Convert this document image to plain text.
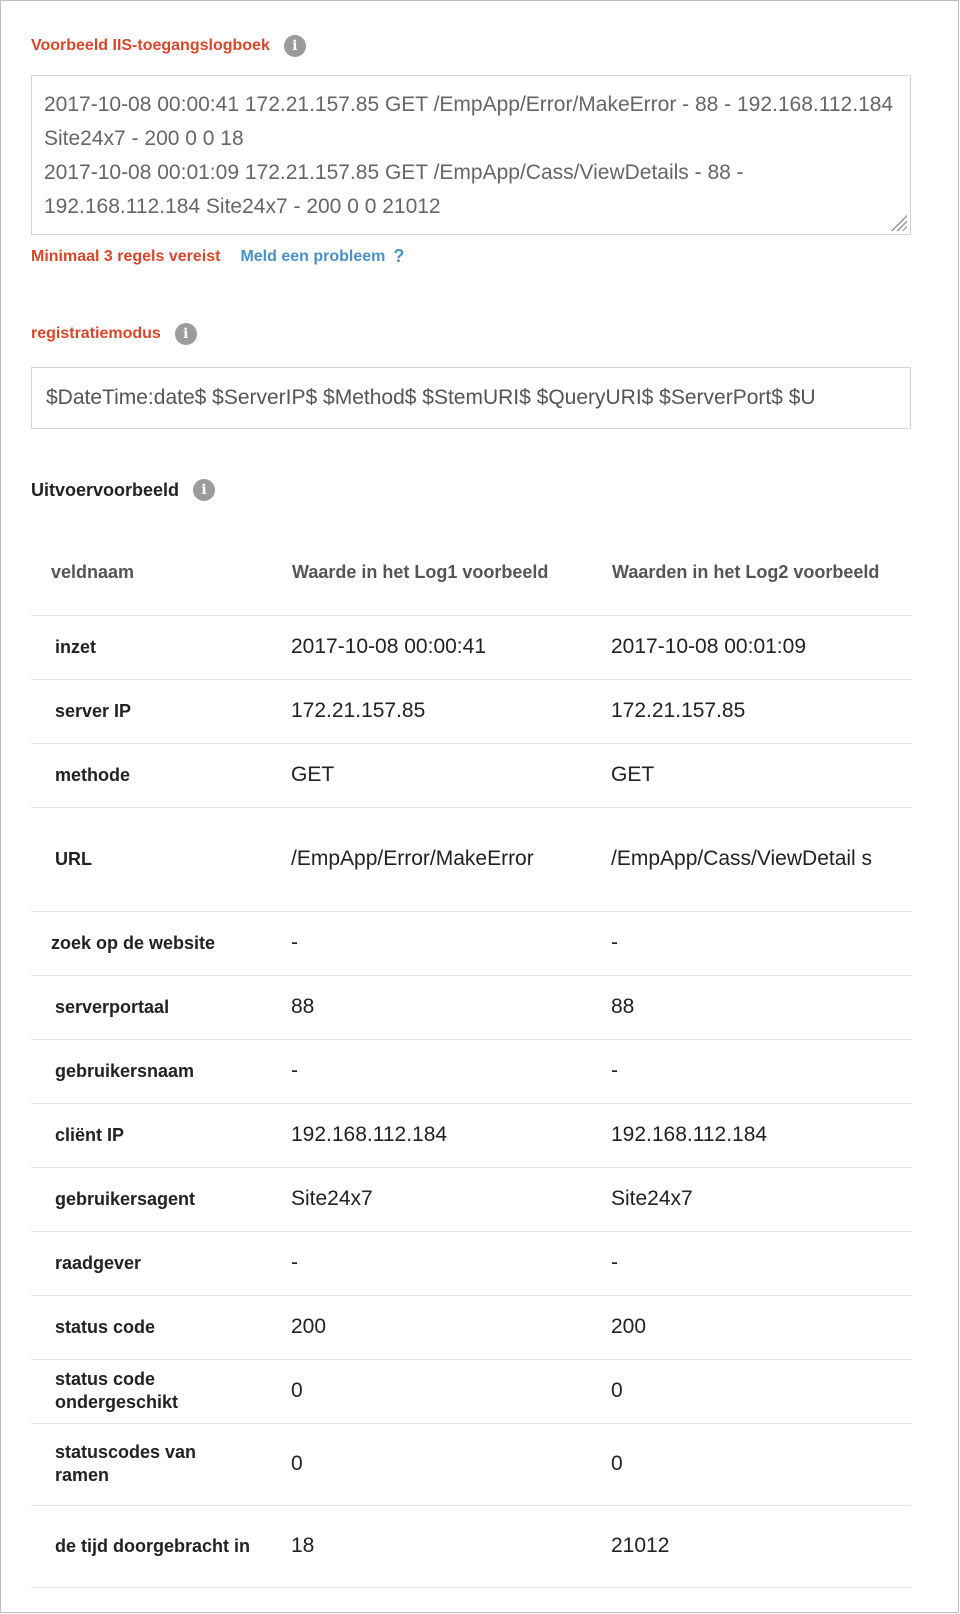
Voorbeeld IIS-toegangslogboek	i
2017-10-08 00:00:41 172.21.157.85 GET /EmpApp/Error/MakeError - 88 - 192.168.112.184 Site24x7 - 200 0 0 18 2017-10-08 00:01:09 172.21.157.85 GET /EmpApp/Cass/ViewDetails - 88 - 192.168.112.184 Site24x7 - 200 0 0 21012
Minimaal 3 regels vereist Meld een probleem ?
registratiemodus	i
$DateTime:date$ $ServerIP$ $Method$ $StemURI$ $QueryURI$ $ServerPort$ $U
Uitvoervoorbeeld	i
veldnaam	Waarde in het Log1 voorbeeld	Waarden in het Log2 voorbeeld
inzet	2017-10-08 00:00:41	2017-10-08 00:01:09
server IP	172.21.157.85	172.21.157.85
methode	GET	GET
URL	/EmpApp/Error/MakeError	/EmpApp/Cass/ViewDetail s
zoek op de website	-	-
serverportaal	88	88
gebruikersnaam	-	-
cliënt IP	192.168.112.184	192.168.112.184
gebruikersagent	Site24x7	Site24x7
raadgever	-	-
status code	200	200
status code ondergeschikt	0	0
statuscodes van ramen	0	0
de tijd doorgebracht in	18	21012
